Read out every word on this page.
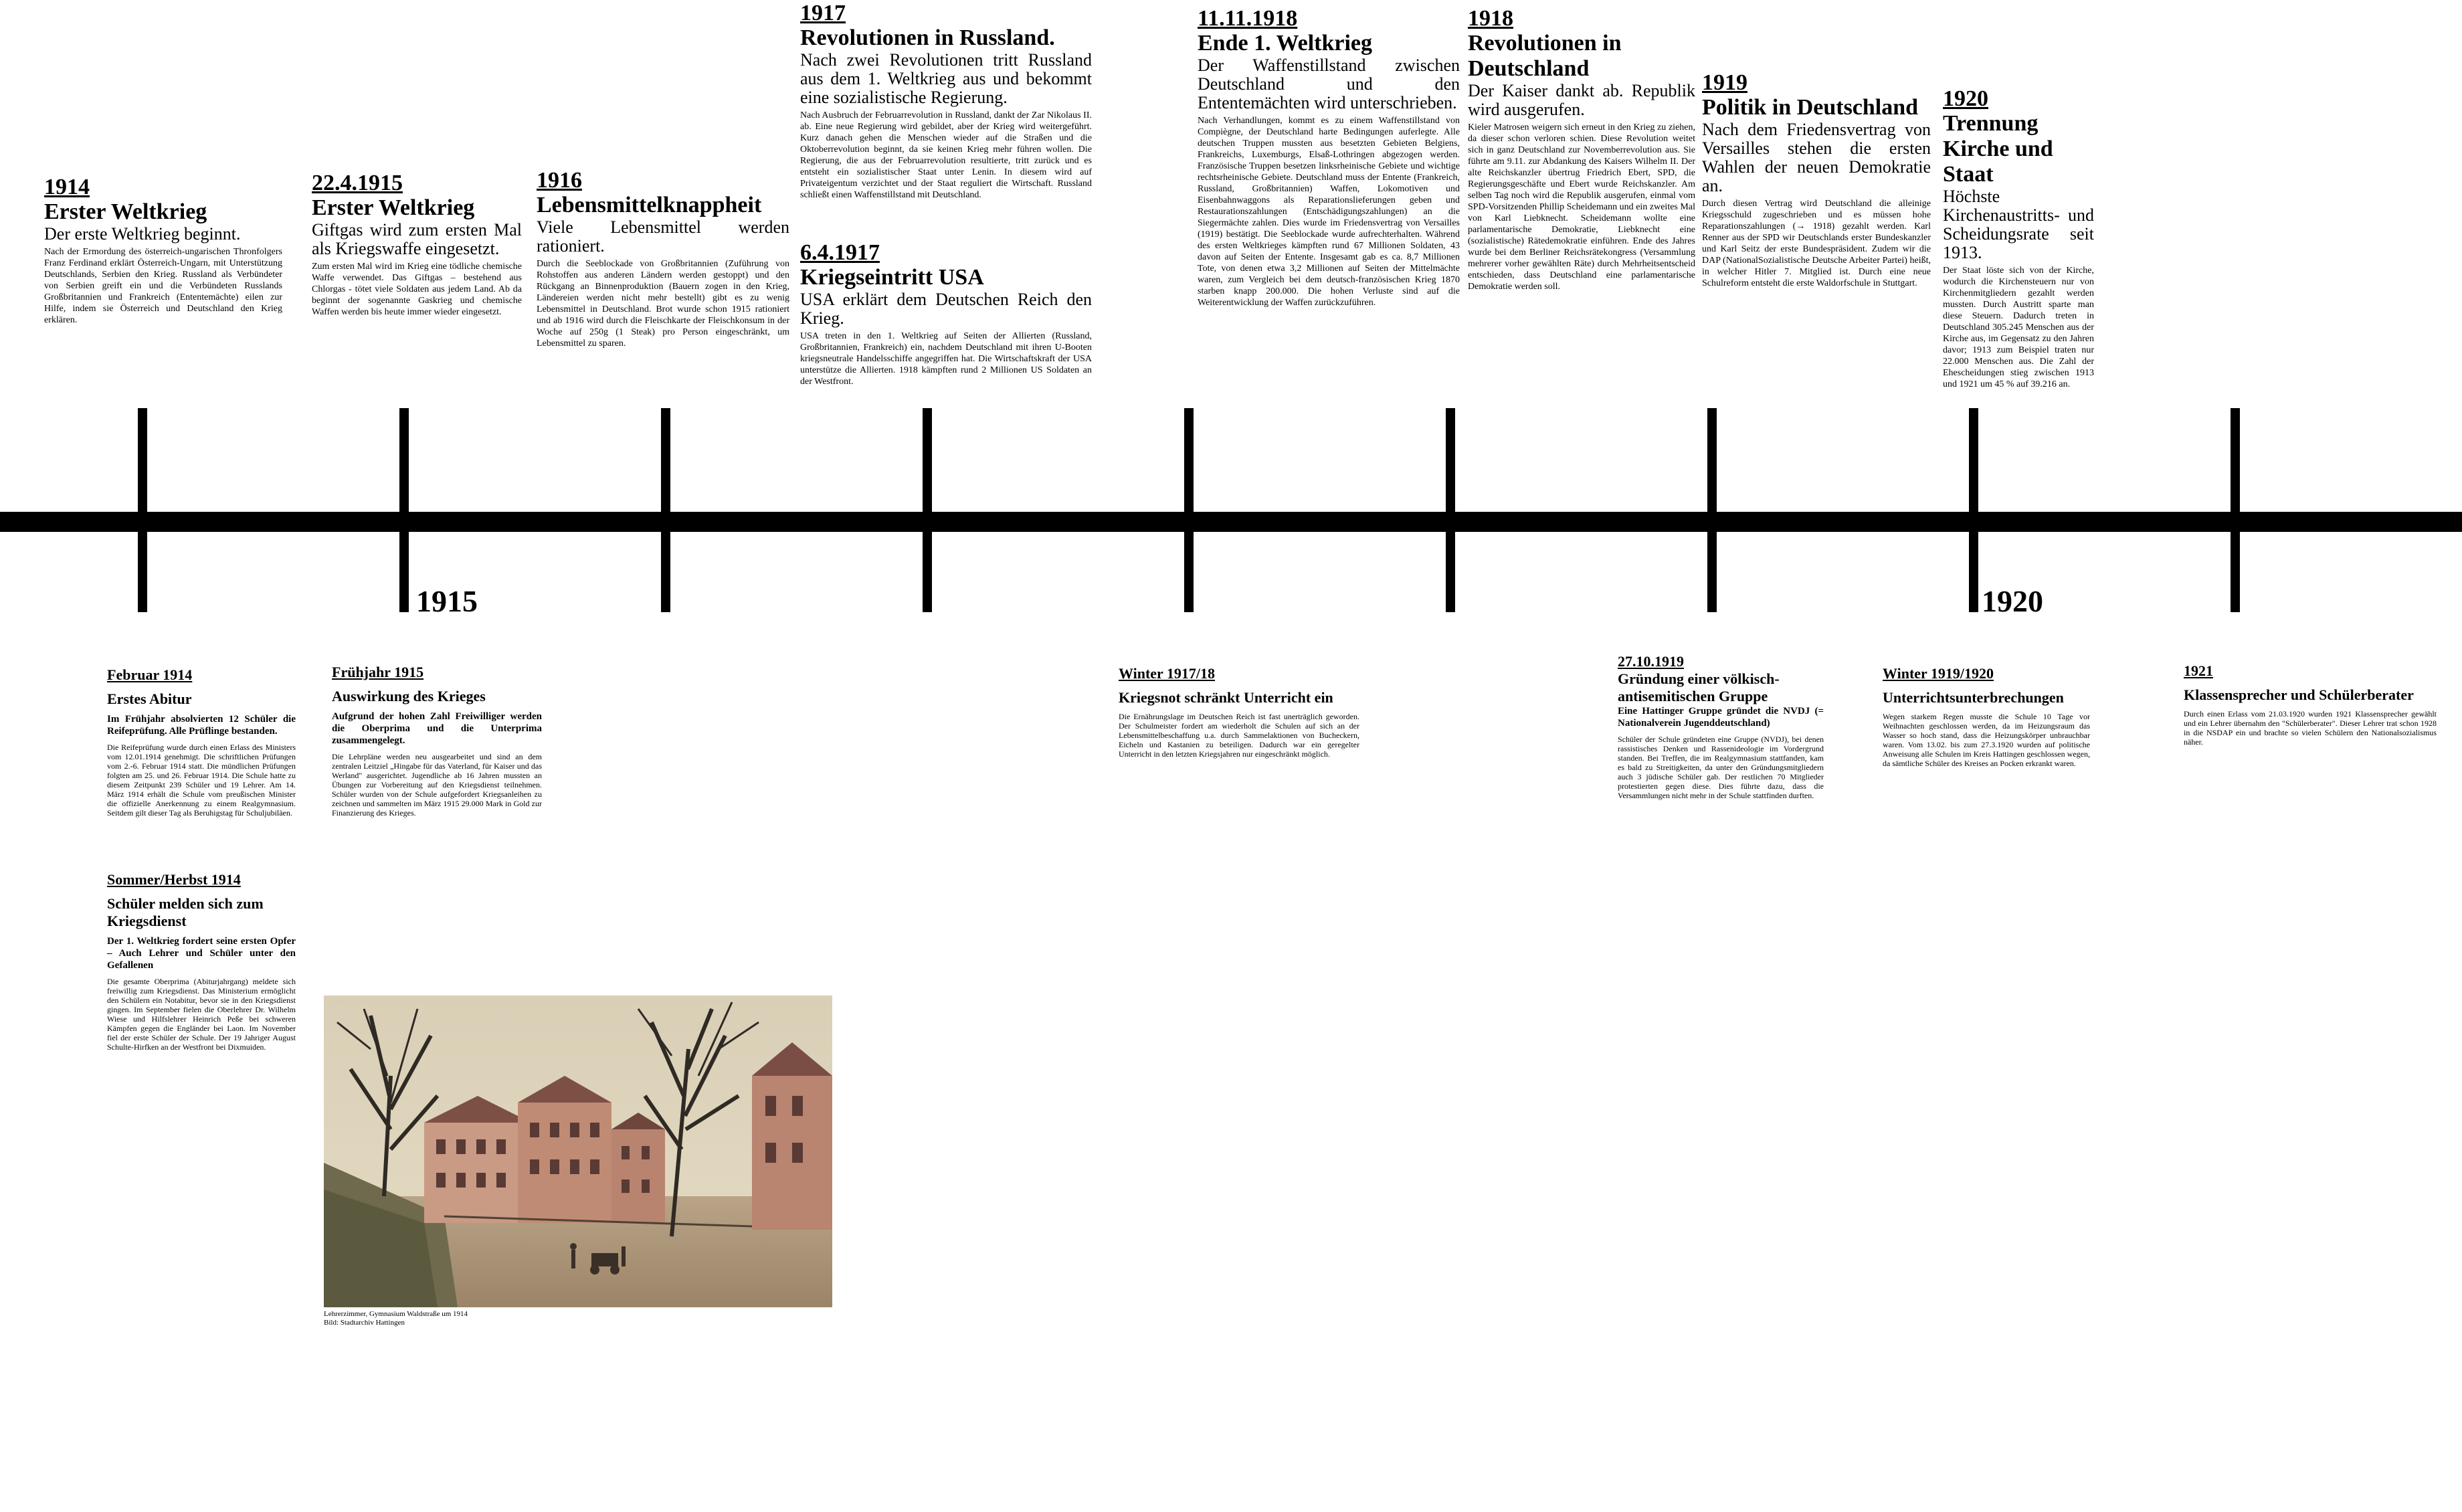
1915	1920
1914
Erster Weltkrieg
Der erste Weltkrieg beginnt.
Nach der Ermordung des österreich-ungarischen Thronfolgers Franz Ferdinand erklärt Österreich-Ungarn, mit Unterstützung Deutschlands, Serbien den Krieg. Russland als Verbündeter von Serbien greift ein und die Verbündeten Russlands Großbritannien und Frankreich (Ententemächte) eilen zur Hilfe, indem sie Österreich und Deutschland den Krieg erklären.
22.4.1915
Erster Weltkrieg
Giftgas wird zum ersten Mal als Kriegswaffe eingesetzt.
Zum ersten Mal wird im Krieg eine tödliche chemische Waffe verwendet. Das Giftgas – bestehend aus Chlorgas - tötet viele Soldaten aus jedem Land. Ab da beginnt der sogenannte Gaskrieg und chemische Waffen werden bis heute immer wieder eingesetzt.
1916
Lebensmittelknappheit
Viele Lebensmittel werden rationiert.
Durch die Seeblockade von Großbritannien (Zuführung von Rohstoffen aus anderen Ländern werden gestoppt) und den Rückgang an Binnenproduktion (Bauern zogen in den Krieg, Ländereien werden nicht mehr bestellt) gibt es zu wenig Lebensmittel in Deutschland. Brot wurde schon 1915 rationiert und ab 1916 wird durch die Fleischkarte der Fleischkonsum in der Woche auf 250g (1 Steak) pro Person eingeschränkt, um Lebensmittel zu sparen.
1917
Revolutionen in Russland.
Nach zwei Revolutionen tritt Russland aus dem 1. Weltkrieg aus und bekommt eine sozialistische Regierung.
Nach Ausbruch der Februarrevolution in Russland, dankt der Zar Nikolaus II. ab. Eine neue Regierung wird gebildet, aber der Krieg wird weitergeführt. Kurz danach gehen die Menschen wieder auf die Straßen und die Oktoberrevolution beginnt, da sie keinen Krieg mehr führen wollen. Die Regierung, die aus der Februarrevolution resultierte, tritt zurück und es entsteht ein sozialistischer Staat unter Lenin. In diesem wird auf Privateigentum verzichtet und der Staat reguliert die Wirtschaft. Russland schließt einen Waffenstillstand mit Deutschland.
6.4.1917
Kriegseintritt USA
USA erklärt dem Deutschen Reich den Krieg.
USA treten in den 1. Weltkrieg auf Seiten der Allierten (Russland, Großbritannien, Frankreich) ein, nachdem Deutschland mit ihren U-Booten kriegsneutrale Handelsschiffe angegriffen hat. Die Wirtschaftskraft der USA unterstütze die Allierten. 1918 kämpften rund 2 Millionen US Soldaten an der Westfront.
11.11.1918
Ende 1. Weltkrieg
Der Waffenstillstand zwischen Deutschland und den Ententemächten wird unterschrieben.
Nach Verhandlungen, kommt es zu einem Waffenstillstand von Compiègne, der Deutschland harte Bedingungen auferlegte. Alle deutschen Truppen mussten aus besetzten Gebieten Belgiens, Frankreichs, Luxemburgs, Elsaß-Lothringen abgezogen werden. Französische Truppen besetzen linksrheinische Gebiete und wichtige rechtsrheinische Gebiete. Deutschland muss der Entente (Frankreich, Russland, Großbritannien) Waffen, Lokomotiven und Eisenbahnwaggons als Reparationslieferungen geben und Restaurationszahlungen (Entschädigungszahlungen) an die Siegermächte zahlen. Dies wurde im Friedensvertrag von Versailles (1919) bestätigt. Die Seeblockade wurde aufrechterhalten. Während des ersten Weltkrieges kämpften rund 67 Millionen Soldaten, 43 davon auf Seiten der Entente. Insgesamt gab es ca. 8,7 Millionen Tote, von denen etwa 3,2 Millionen auf Seiten der Mittelmächte waren, zum Vergleich bei dem deutsch-französischen Krieg 1870 starben knapp 200.000. Die hohen Verluste sind auf die Weiterentwicklung der Waffen zurückzuführen.
1918
Revolutionen in Deutschland
Der Kaiser dankt ab. Republik wird ausgerufen.
Kieler Matrosen weigern sich erneut in den Krieg zu ziehen, da dieser schon verloren schien. Diese Revolution weitet sich in ganz Deutschland zur Novemberrevolution aus. Sie führte am 9.11. zur Abdankung des Kaisers Wilhelm II. Der alte Reichskanzler übertrug Friedrich Ebert, SPD, die Regierungsgeschäfte und Ebert wurde Reichskanzler. Am selben Tag noch wird die Republik ausgerufen, einmal vom SPD-Vorsitzenden Phillip Scheidemann und ein zweites Mal von Karl Liebknecht. Scheidemann wollte eine parlamentarische Demokratie, Liebknecht eine (sozialistische) Rätedemokratie einführen. Ende des Jahres wurde bei dem Berliner Reichsrätekongress (Versammlung mehrerer vorher gewählten Räte) durch Mehrheitsentscheid entschieden, dass Deutschland eine parlamentarische Demokratie werden soll.
1919
Politik in Deutschland
Nach dem Friedensvertrag von Versailles stehen die ersten Wahlen der neuen Demokratie an.
Durch diesen Vertrag wird Deutschland die alleinige Kriegsschuld zugeschrieben und es müssen hohe Reparationszahlungen (→ 1918) gezahlt werden. Karl Renner aus der SPD wir Deutschlands erster Bundeskanzler und Karl Seitz der erste Bundespräsident. Zudem wir die DAP (NationalSozialistische Deutsche Arbeiter Partei) heißt, in welcher Hitler 7. Mitglied ist. Durch eine neue Schulreform entsteht die erste Waldorfschule in Stuttgart.
1920
Trennung Kirche und Staat
Höchste Kirchenaustritts- und Scheidungsrate seit 1913.
Der Staat löste sich von der Kirche, wodurch die Kirchensteuern nur von Kirchenmitgliedern gezahlt werden mussten. Durch Austritt sparte man diese Steuern. Dadurch treten in Deutschland 305.245 Menschen aus der Kirche aus, im Gegensatz zu den Jahren davor; 1913 zum Beispiel traten nur 22.000 Menschen aus. Die Zahl der Ehescheidungen stieg zwischen 1913 und 1921 um 45 % auf 39.216 an.
Februar 1914
Erstes Abitur
Im Frühjahr absolvierten 12 Schüler die Reifeprüfung. Alle Prüflinge bestanden.
Die Reifeprüfung wurde durch einen Erlass des Ministers vom 12.01.1914 genehmigt. Die schriftlichen Prüfungen vom 2.-6. Februar 1914 statt. Die mündlichen Prüfungen folgten am 25. und 26. Februar 1914. Die Schule hatte zu diesem Zeitpunkt 239 Schüler und 19 Lehrer. Am 14. März 1914 erhält die Schule vom preußischen Minister die offizielle Anerkennung zu einem Realgymnasium. Seitdem gilt dieser Tag als Beruhigstag für Schuljubiläen.
Sommer/Herbst 1914
Schüler melden sich zum Kriegsdienst
Der 1. Weltkrieg fordert seine ersten Opfer – Auch Lehrer und Schüler unter den Gefallenen
Die gesamte Oberprima (Abiturjahrgang) meldete sich freiwillig zum Kriegsdienst. Das Ministerium ermöglicht den Schülern ein Notabitur, bevor sie in den Kriegsdienst gingen. Im September fielen die Oberlehrer Dr. Wilhelm Wiese und Hilfslehrer Heinrich Peße bei schweren Kämpfen gegen die Engländer bei Laon. Im November fiel der erste Schüler der Schule. Der 19 Jahriger August Schulte-Hirfken an der Westfront bei Dixmuiden.
Frühjahr 1915
Auswirkung des Krieges
Aufgrund der hohen Zahl Freiwilliger werden die Oberprima und die Unterprima zusammengelegt.
Die Lehrpläne werden neu ausgearbeitet und sind an dem zentralen Leitziel „Hingabe für das Vaterland, für Kaiser und das Werland" ausgerichtet. Jugendliche ab 16 Jahren mussten an Übungen zur Vorbereitung auf den Kriegsdienst teilnehmen. Schüler wurden von der Schule aufgefordert Kriegsanleihen zu zeichnen und sammelten im März 1915 29.000 Mark in Gold zur Finanzierung des Krieges.
Winter 1917/18
Kriegsnot schränkt Unterricht ein
Die Ernährungslage im Deutschen Reich ist fast unerträglich geworden. Der Schulmeister fordert am wiederholt die Schulen auf sich an der Lebensmittelbeschaffung u.a. durch Sammelaktionen von Bucheckern, Eicheln und Kastanien zu beteiligen. Dadurch war ein geregelter Unterricht in den letzten Kriegsjahren nur eingeschränkt möglich.
27.10.1919
Gründung einer völkisch-antisemitischen Gruppe
Eine Hattinger Gruppe gründet die NVDJ (= Nationalverein Jugenddeutschland)
Schüler der Schule gründeten eine Gruppe (NVDJ), bei denen rassistisches Denken und Rassenideologie im Vordergrund standen. Bei Treffen, die im Realgymnasium stattfanden, kam es bald zu Streitigkeiten, da unter den Gründungsmitgliedern auch 3 jüdische Schüler gab. Der restlichen 70 Mitglieder protestierten gegen diese. Dies führte dazu, dass die Versammlungen nicht mehr in der Schule stattfinden durften.
Winter 1919/1920
Unterrichtsunterbrechungen
Wegen starkem Regen musste die Schule 10 Tage vor Weihnachten geschlossen werden, da im Heizungsraum das Wasser so hoch stand, dass die Heizungskörper unbrauchbar waren. Vom 13.02. bis zum 27.3.1920 wurden auf politische Anweisung alle Schulen im Kreis Hattingen geschlossen wegen, da sämtliche Schüler des Kreises an Pocken erkrankt waren.
1921
Klassensprecher und Schülerberater
Durch einen Erlass vom 21.03.1920 wurden 1921 Klassensprecher gewählt und ein Lehrer übernahm den "Schülerberater". Dieser Lehrer trat schon 1928 in die NSDAP ein und brachte so vielen Schülern den Nationalsozialismus näher.
Lehrerzimmer, Gymnasium Waldstraße um 1914
Bild: Stadtarchiv Hattingen
